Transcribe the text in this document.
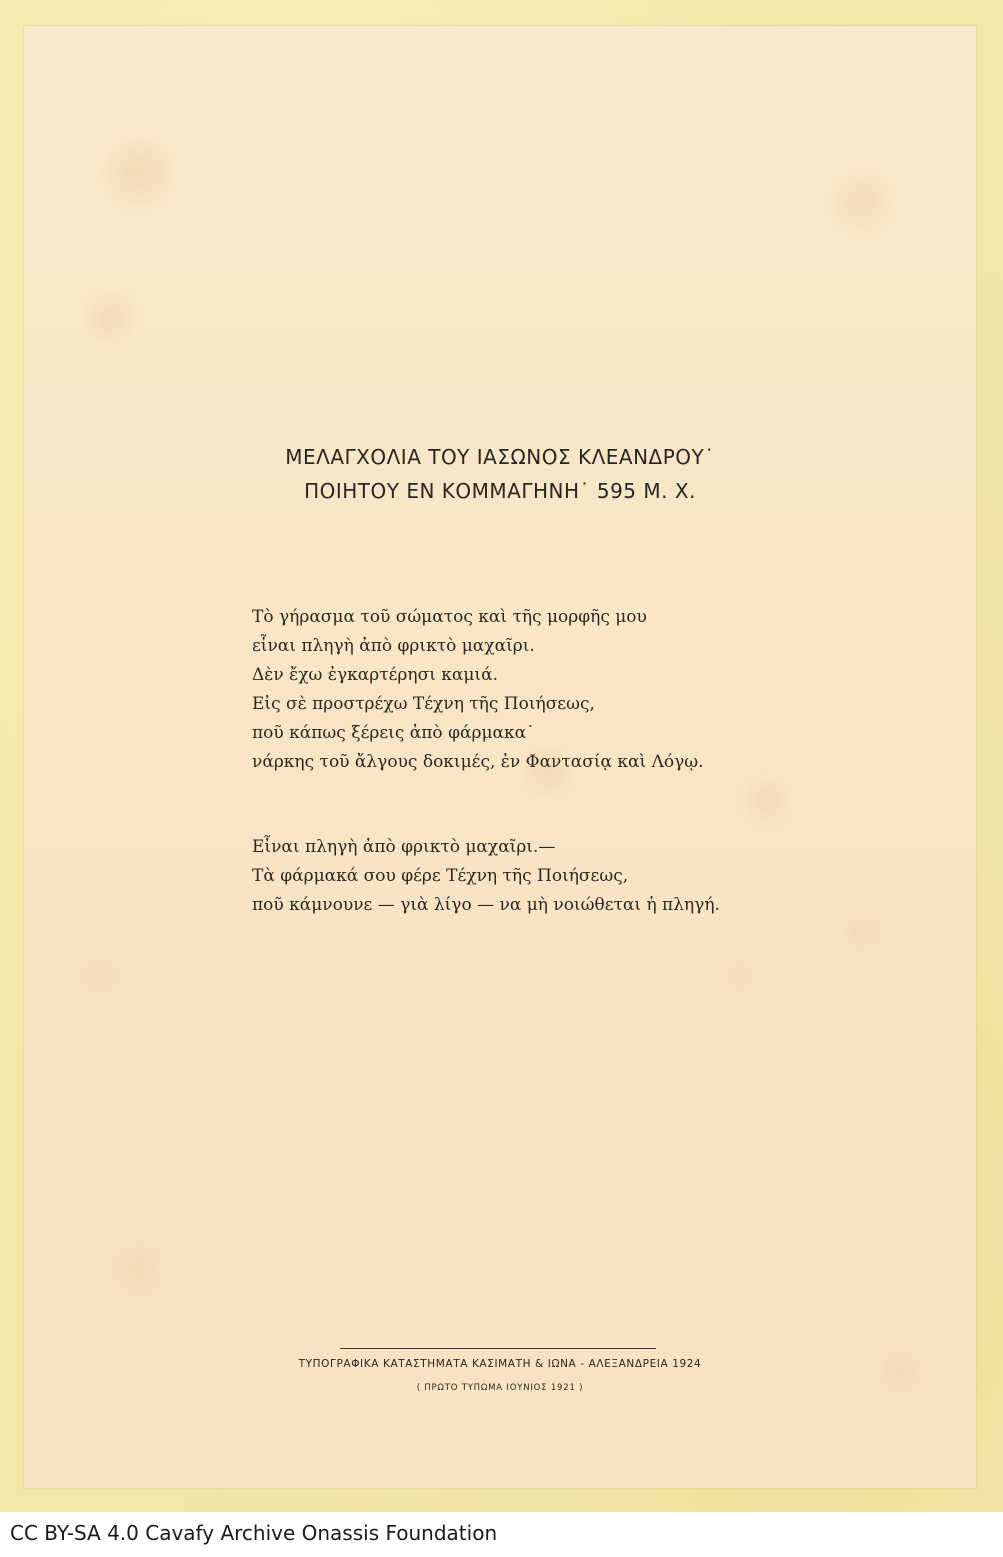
ΜΕΛΑΓΧΟΛΙΑ ΤΟΥ ΙΑΣΩΝΟΣ ΚΛΕΑΝΔΡΟΥ˙
ΠΟΙΗΤΟΥ ΕΝ ΚΟΜΜΑΓΗΝΗ˙ 595 Μ. Χ.
Τὸ γήρασμα τοῦ σώματος καὶ τῆς μορφῆς μου
εἶναι πληγὴ ἀπὸ φρικτὸ μαχαῖρι.
Δὲν ἔχω ἐγκαρτέρησι καμιά.
Εἰς σὲ προστρέχω Τέχνη τῆς Ποιήσεως,
ποῦ κάπως ξέρεις ἀπὸ φάρμακα˙
νάρκης τοῦ ἄλγους δοκιμές, ἐν Φαντασίᾳ καὶ Λόγῳ.
Εἶναι πληγὴ ἀπὸ φρικτὸ μαχαῖρι.—
Τὰ φάρμακά σου φέρε Τέχνη τῆς Ποιήσεως,
ποῦ κάμνουνε — γιὰ λίγο — να μὴ νοιώθεται ἡ πληγή.
ΤΥΠΟΓΡΑΦΙΚΑ ΚΑΤΑΣΤΗΜΑΤΑ ΚΑΣΙΜΑΤΗ & ΙΩΝΑ - ΑΛΕΞΑΝΔΡΕΙΑ 1924
( ΠΡΩΤΟ ΤΥΠΩΜΑ ΙΟΥΝΙΟΣ 1921 )
CC BY-SA 4.0 Cavafy Archive Onassis Foundation
